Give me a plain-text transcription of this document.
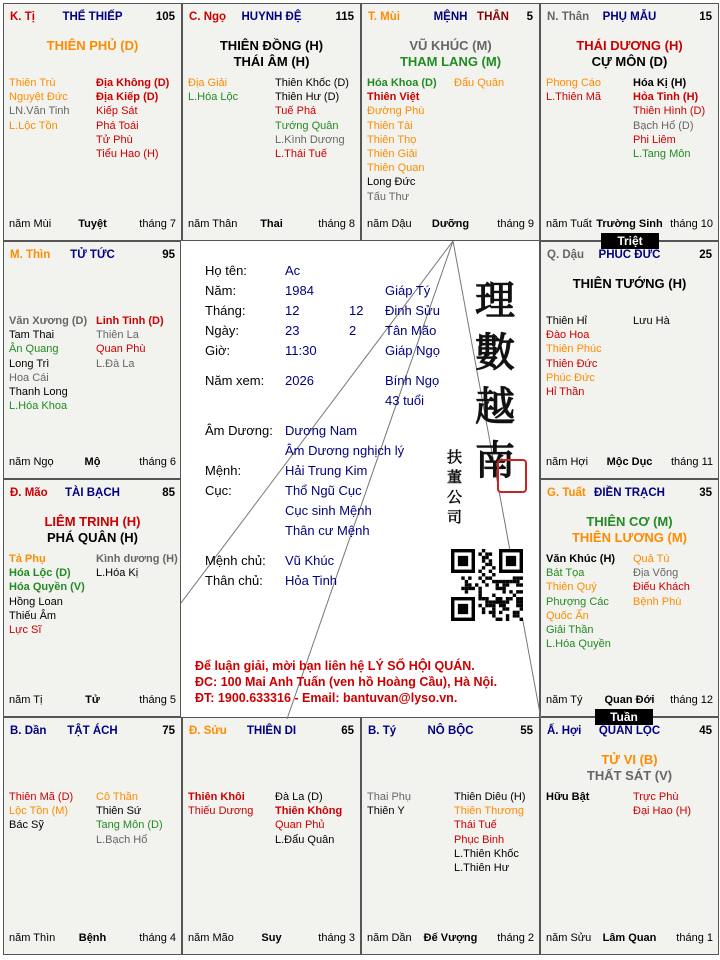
K. Tị	THỂ THIẾP	105
THIÊN PHỦ (D)
Thiên Trù
Nguyệt Đức
LN.Văn Tinh
L.Lộc Tồn
Địa Không (D)
Địa Kiếp (D)
Kiếp Sát
Phá Toái
Tử Phù
Tiểu Hao (H)
năm Mùi	Tuyệt	tháng 7
C. Ngọ	HUYNH ĐỆ	115
THIÊN ĐỒNG (H)
THÁI ÂM (H)
Địa Giải
L.Hóa Lộc
Thiên Khốc (D)
Thiên Hư (D)
Tuế Phá
Tướng Quân
L.Kình Dương
L.Thái Tuế
năm Thân	Thai	tháng 8
T. Mùi	MỆNH THÂN 5
VŨ KHÚC (M)
THAM LANG (M)
Hóa Khoa (D)
Thiên Việt
Đường Phù
Thiên Tài
Thiên Thọ
Thiên Giải
Thiên Quan
Long Đức
Tấu Thư
Đẩu Quân
năm Dậu	Dưỡng	tháng 9
N. Thân	PHỤ MẪU	15
THÁI DƯƠNG (H)
CỰ MÔN (D)
Phong Cáo
L.Thiên Mã
Hóa Kị (H)
Hỏa Tinh (H)
Thiên Hình (D)
Bạch Hổ (D)
Phi Liêm
L.Tang Môn
năm Tuất Trường Sinh tháng 10
Q. Dậu	PHÚC ĐỨC	25
THIÊN TƯỚNG (H)
Thiên Hỉ
Đào Hoa
Thiên Phúc
Thiên Đức
Phúc Đức
Hỉ Thần
Lưu Hà
năm Hợi	Mộc Dục	tháng 11
G. Tuất ĐIỀN TRẠCH	35
THIÊN CƠ (M)
THIÊN LƯƠNG (M)
Văn Khúc (H)
Bát Tọa
Thiên Quý
Phượng Các
Quốc Ấn
Giải Thần
L.Hóa Quyền
Quả Tú
Địa Võng
Điếu Khách
Bệnh Phù
năm Tý	Quan Đới	tháng 12
Ấ. Hợi	QUAN LỘC	45
TỬ VI (B)
THẤT SÁT (V)
Hữu Bật	Trực Phù
Đại Hao (H)
năm Sửu	Lâm Quan	tháng 1
B. Tý	NÔ BỘC	55
Thai Phụ
Thiên Y
Thiên Diêu (H)
Thiên Thương
Thái Tuế
Phục Binh
L.Thiên Khốc
L.Thiên Hư
năm Dần	Đế Vượng	tháng 2
Đ. Sửu	THIÊN DI	65
Thiên Khôi
Thiếu Dương
Đà La (D)
Thiên Không
Quan Phủ
L.Đẩu Quân
năm Mão	Suy	tháng 3
B. Dần	TẬT ÁCH	75
Thiên Mã (D)
Lộc Tồn (M)
Bác Sỹ
Cô Thần
Thiên Sứ
Tang Môn (D)
L.Bạch Hổ
năm Thìn	Bệnh	tháng 4
Đ. Mão	TÀI BẠCH	85
LIÊM TRINH (H)
PHÁ QUÂN (H)
Tả Phụ
Hóa Lộc (D)
Hóa Quyền (V)
Hồng Loan
Thiếu Âm
Lực Sĩ
Kình dương (H)
L.Hóa Kị
năm Tị	Tử	tháng 5
M. Thìn	TỬ TỨC	95
Văn Xương (D)
Tam Thai
Ân Quang
Long Trì
Hoa Cái
Thanh Long
L.Hóa Khoa
Linh Tinh (D)
Thiên La
Quan Phù
L.Đà La
năm Ngọ	Mộ	tháng 6
Triệt
Tuần
Họ tên:	Ac
Năm:	1984	Giáp Tý
Tháng:	12	12 Đinh Sửu
Ngày:	23	2 Tân Mão
Giờ:	11:30	Giáp Ngọ
Năm xem: 2026	Bính Ngọ
43 tuổi
Âm Dương: Dương Nam
Âm Dương nghịch lý
Mệnh:	Hải Trung Kim
Cục:	Thổ Ngũ Cục
Cục sinh Mệnh
Thân cư Mệnh
Mệnh chủ: Vũ Khúc
Thân chủ: Hỏa Tinh
理
數
越
南
扶
董
公
司
Để luận giải, mời bạn liên hệ LÝ SỐ HỘI QUÁN.
ĐC: 100 Mai Anh Tuấn (ven hồ Hoàng Cầu), Hà Nội.
ĐT: 1900.633316 - Email: bantuvan@lyso.vn.
